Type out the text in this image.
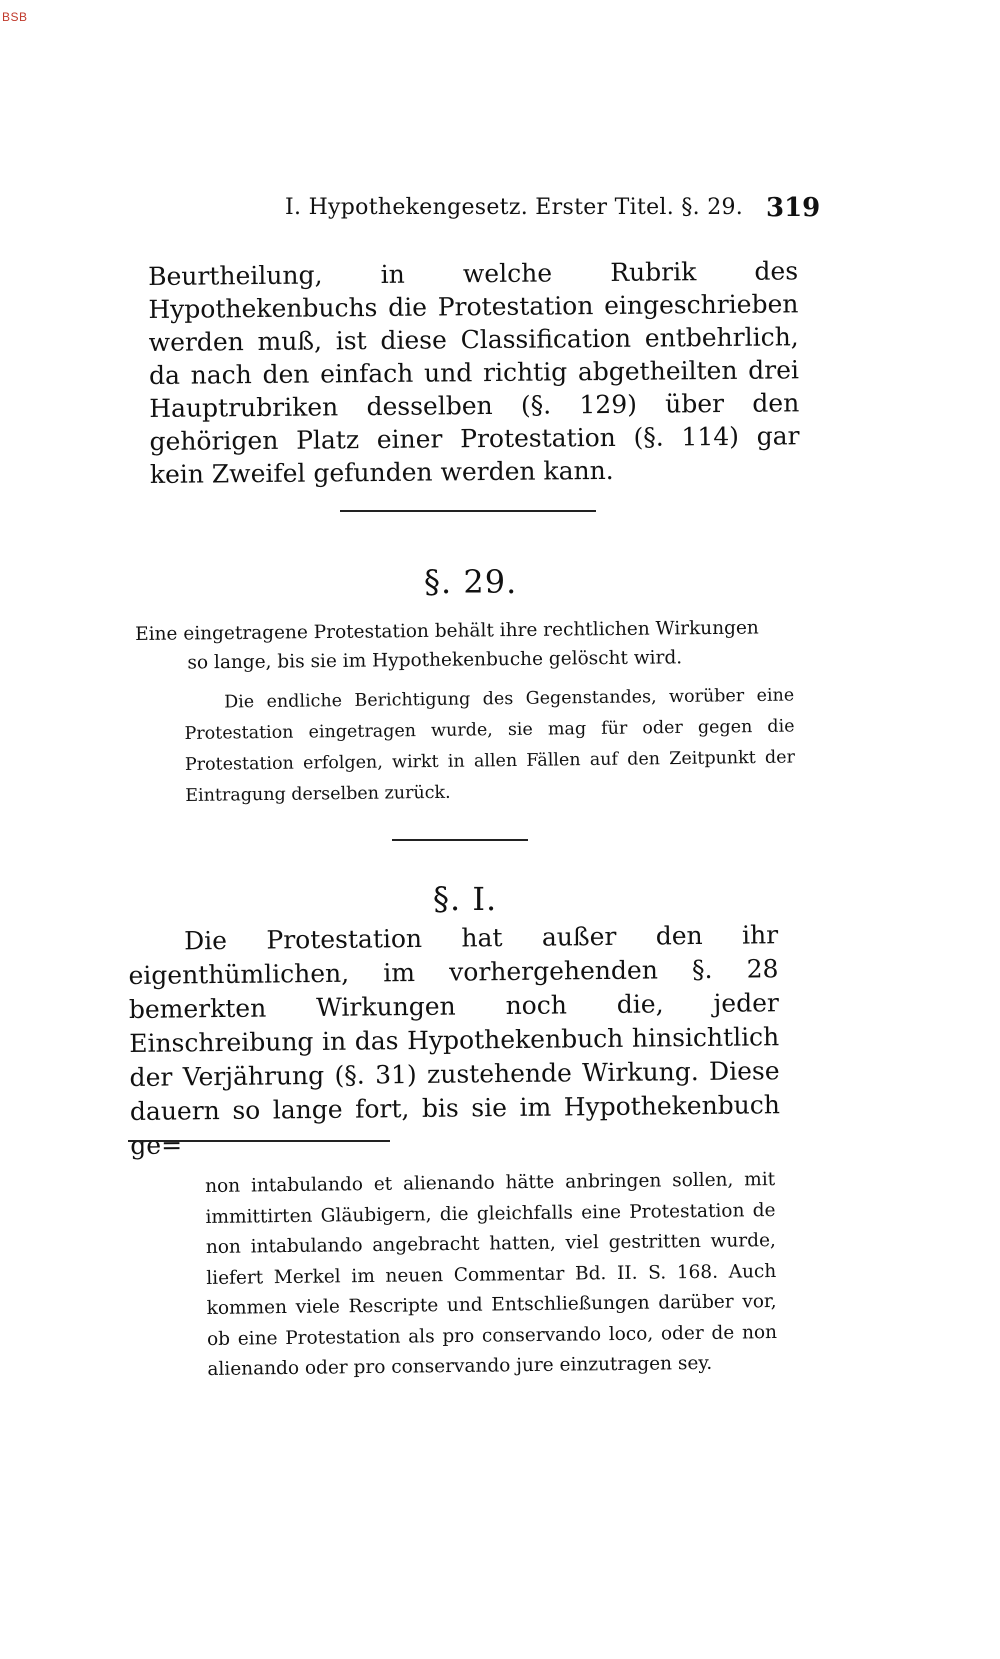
BSB
I. Hypothekengesetz. Erster Titel. §. 29. 319

Beurtheilung, in welche Rubrik des Hypothekenbuchs die Protestation eingeschrieben werden muß, ist diese Classification entbehrlich, da nach den einfach und richtig abgetheilten drei Hauptrubriken desselben (§. 129) über den gehörigen Platz einer Protestation (§. 114) gar kein Zweifel gefunden werden kann.

§. 29.

Eine eingetragene Protestation behält ihre rechtlichen Wirkungen
so lange, bis sie im Hypothekenbuche gelöscht wird.

Die endliche Berichtigung des Gegenstandes, worüber eine Protestation eingetragen wurde, sie mag für oder gegen die Protestation erfolgen, wirkt in allen Fällen auf den Zeitpunkt der Eintragung derselben zurück.

§. I.

Die Protestation hat außer den ihr eigenthümlichen, im vorhergehenden §. 28 bemerkten Wirkungen noch die, jeder Einschreibung in das Hypothekenbuch hinsichtlich der Verjährung (§. 31) zustehende Wirkung. Diese dauern so lange fort, bis sie im Hypothekenbuch ge=

non intabulando et alienando hätte anbringen sollen, mit immittirten Gläubigern, die gleichfalls eine Protestation de non intabulando angebracht hatten, viel gestritten wurde, liefert Merkel im neuen Commentar Bd. II. S. 168. Auch kommen viele Rescripte und Entschließungen darüber vor, ob eine Protestation als pro conservando loco, oder de non alienando oder pro conservando jure einzutragen sey.
